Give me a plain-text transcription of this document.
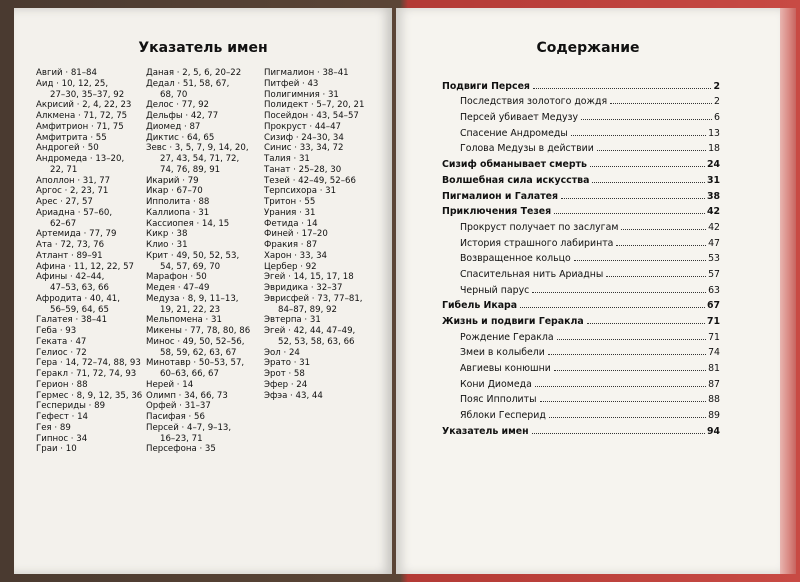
Указатель имен
Авгий · 81–84
Аид · 10, 12, 25,
27–30, 35–37, 92
Акрисий · 2, 4, 22, 23
Алкмена · 71, 72, 75
Амфитрион · 71, 75
Амфитрита · 55
Андрогей · 50
Андромеда · 13–20,
22, 71
Аполлон · 31, 77
Аргос · 2, 23, 71
Арес · 27, 57
Ариадна · 57–60,
62–67
Артемида · 77, 79
Ата · 72, 73, 76
Атлант · 89–91
Афина · 11, 12, 22, 57
Афины · 42–44,
47–53, 63, 66
Афродита · 40, 41,
56–59, 64, 65
Галатея · 38–41
Геба · 93
Геката · 47
Гелиос · 72
Гера · 14, 72–74, 88, 93
Геракл · 71, 72, 74, 93
Герион · 88
Гермес · 8, 9, 12, 35, 36
Геспериды · 89
Гефест · 14
Гея · 89
Гипнос · 34
Граи · 10
Даная · 2, 5, 6, 20–22
Дедал · 51, 58, 67,
68, 70
Делос · 77, 92
Дельфы · 42, 77
Диомед · 87
Диктис · 64, 65
Зевс · 3, 5, 7, 9, 14, 20,
27, 43, 54, 71, 72,
74, 76, 89, 91
Икарий · 79
Икар · 67–70
Ипполита · 88
Каллиопа · 31
Кассиопея · 14, 15
Кикр · 38
Клио · 31
Крит · 49, 50, 52, 53,
54, 57, 69, 70
Марафон · 50
Медея · 47–49
Медуза · 8, 9, 11–13,
19, 21, 22, 23
Мельпомена · 31
Микены · 77, 78, 80, 86
Минос · 49, 50, 52–56,
58, 59, 62, 63, 67
Минотавр · 50–53, 57,
60–63, 66, 67
Нерей · 14
Олимп · 34, 66, 73
Орфей · 31–37
Пасифая · 56
Персей · 4–7, 9–13,
16–23, 71
Персефона · 35
Пигмалион · 38–41
Питфей · 43
Полигимния · 31
Полидект · 5–7, 20, 21
Посейдон · 43, 54–57
Прокруст · 44–47
Сизиф · 24–30, 34
Синис · 33, 34, 72
Талия · 31
Танат · 25–28, 30
Тезей · 42–49, 52–66
Терпсихора · 31
Тритон · 55
Урания · 31
Фетида · 14
Финей · 17–20
Фракия · 87
Харон · 33, 34
Цербер · 92
Эгей · 14, 15, 17, 18
Эвридика · 32–37
Эврисфей · 73, 77–81,
84–87, 89, 92
Эвтерпа · 31
Эгей · 42, 44, 47–49,
52, 53, 58, 63, 66
Эол · 24
Эрато · 31
Эрот · 58
Эфер · 24
Эфэа · 43, 44
Содержание
Подвиги Персея	2
Последствия золотого дождя	2
Персей убивает Медузу	6
Спасение Андромеды	13
Голова Медузы в действии	18
Сизиф обманывает смерть	24
Волшебная сила искусства	31
Пигмалион и Галатея	38
Приключения Тезея	42
Прокруст получает по заслугам	42
История страшного лабиринта	47
Возвращенное кольцо	53
Спасительная нить Ариадны	57
Черный парус	63
Гибель Икара	67
Жизнь и подвиги Геракла	71
Рождение Геракла	71
Змеи в колыбели	74
Авгиевы конюшни	81
Кони Диомеда	87
Пояс Ипполиты	88
Яблоки Гесперид	89
Указатель имен	94
